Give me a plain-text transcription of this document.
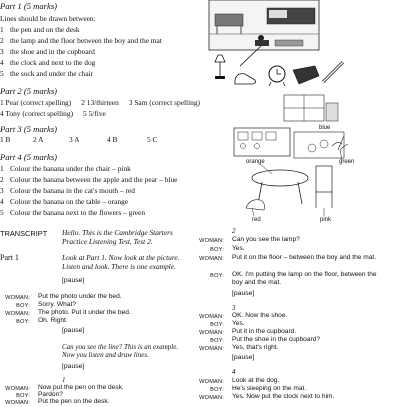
Part 1 (5 marks)
Lines should be drawn between:
1 the pen and on the desk
2 the lamp and the floor between the boy and the mat
3 the shoe and in the cupboard
4 the clock and next to the dog
5 the sock and under the chair
Part 2 (5 marks)
1 Pear (correct spelling) 2 13/thirteen 3 Sam (correct spelling)
4 Tony (correct spelling) 5 5/five
Part 3 (5 marks)
1 B	2 A	3 A	4 B	5 C
Part 4 (5 marks)
1 Colour the banana under the chair – pink
2 Colour the banana between the apple and the pear – blue
3 Colour the banana in the cat's mouth – red
4 Colour the banana on the table – orange
5 Colour the banana next to the flowers – green
blue
orange	green
red	pink
TRANSCRIPT Hello. This is the Cambridge Starters
Practice Listening Test, Test 2.
Part 1	Look at Part 1. Now look at the picture.
Listen and look. There is one example.
[pause]
WOMAN: Put the photo under the bed.
BOY: Sorry. What?
WOMAN: The photo. Put it under the bed.
BOY: Oh. Right.
[pause]
Can you see the line? This is an example.
Now you listen and draw lines.
[pause]
1
WOMAN: Now put the pen on the desk.
BOY: Pardon?
WOMAN: Put the pen on the desk.
2
WOMAN: Can you see the lamp?
BOY: Yes.
WOMAN: Put it on the floor – between the boy and the mat.
BOY: OK. I'm putting the lamp on the floor, between the boy and the mat.
[pause]
3
WOMAN: OK. Now the shoe.
BOY: Yes.
WOMAN: Put it in the cupboard.
BOY: Put the shoe in the cupboard?
WOMAN: Yes, that's right.
[pause]
4
WOMAN: Look at the dog.
BOY: He's sleeping on the mat.
WOMAN: Yes. Now put the clock next to him.
